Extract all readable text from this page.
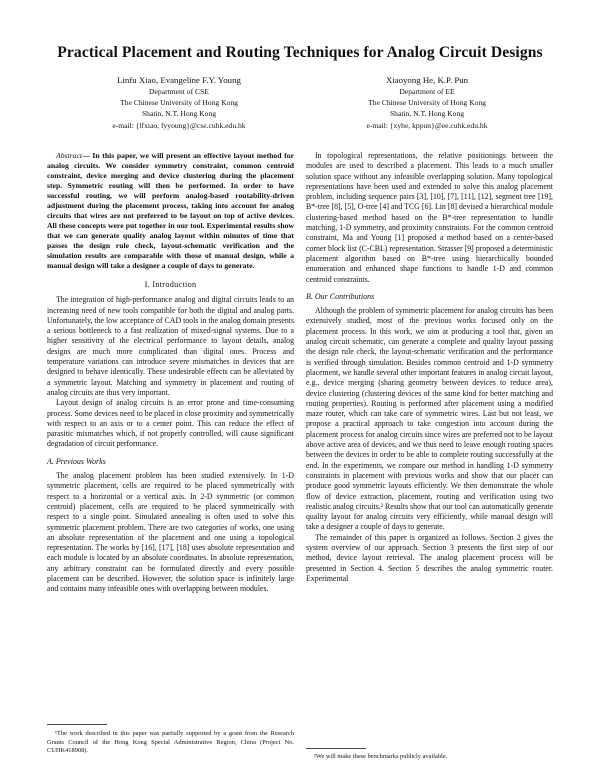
Practical Placement and Routing Techniques for Analog Circuit Designs
Linfu Xiao, Evangeline F.Y. Young
Department of CSE
The Chinese University of Hong Kong
Shatin, N.T. Hong Kong
e-mail: {lfxiao, fyyoung}@cse.cuhk.edu.hk
Xiaoyong He, K.P. Pun
Department of EE
The Chinese University of Hong Kong
Shatin, N.T. Hong Kong
e-mail: {xyhe, kppun}@ee.cuhk.edu.hk

Abstract— In this paper, we will present an effective layout method for analog circuits. We consider symmetry constraint, common centroid constraint, device merging and device clustering during the placement step. Symmetric routing will then be performed. In order to have successful routing, we will perform analog-based routability-driven adjustment during the placement process, taking into account for analog circuits that wires are not preferred to be layout on top of active devices. All these concepts were put together in our tool. Experimental results show that we can generate quality analog layout within minutes of time that passes the design rule check, layout-schematic verification and the simulation results are comparable with those of manual design, while a manual design will take a designer a couple of days to generate.

I. Introduction

The integration of high-performance analog and digital circuits leads to an increasing need of new tools compatible for both the digital and analog parts. Unfortunately, the low acceptance of CAD tools in the analog domain presents a serious bottleneck to a fast realization of mixed-signal systems. Due to a higher sensitivity of the electrical performance to layout details, analog designs are much more complicated than digital ones. Process and temperature variations can introduce severe mismatches in devices that are designed to behave identically. These undesirable effects can be alleviated by a symmetric layout. Matching and symmetry in placement and routing of analog circuits are thus very important.

Layout design of analog circuits is an error prone and time-consuming process. Some devices need to be placed in close proximity and symmetrically with respect to an axis or to a center point. This can reduce the effect of parasitic mismatches which, if not properly controlled, will cause significant degradation of circuit performance.

A. Previous Works

The analog placement problem has been studied extensively. In 1-D symmetric placement, cells are required to be placed symmetrically with respect to a horizontal or a vertical axis. In 2-D symmetric (or common centroid) placement, cells are required to be placed symmetrically with respect to a single point. Simulated annealing is often used to solve this symmetric placement problem. There are two categories of works, one using an absolute representation of the placement and one using a topological representation. The works by [16], [17], [18] uses absolute representation and each module is located by an absolute coordinates. In absolute representation, any arbitrary constraint can be formulated directly and every possible placement can be described. However, the solution space is infinitely large and contains many infeasible ones with overlapping between modules.

In topological representations, the relative positionings between the modules are used to described a placement. This leads to a much smaller solution space without any infeasible overlapping solution. Many topological representations have been used and extended to solve this analog placement problem, including sequence pairs [3], [10], [7], [11], [12], segment tree [19], B*-tree [8], [5], O-tree [4] and TCG [6]. Lin [8] devised a hierarchical module clustering-based method based on the B*-tree representation to handle matching, 1-D symmetry, and proximity constraints. For the common centroid constraint, Ma and Young [1] proposed a method based on a center-based corner block list (C-CBL) representation. Strasser [9] proposed a deterministic placement algorithm based on B*-tree using hierarchically bounded enumeration and enhanced shape functions to handle 1-D and common centroid constraints.

B. Our Contributions

Although the problem of symmetric placement for analog circuits has been extensively studied, most of the previous works focused only on the placement process. In this work, we aim at producing a tool that, given an analog circuit schematic, can generate a complete and quality layout passing the design rule check, the layout-schematic verification and the performance is verified through simulation. Besides common centroid and 1-D symmetry placement, we handle several other important features in analog circuit layout, e.g., device merging (sharing geometry between devices to reduce area), device clustering (clustering devices of the same kind for better matching and routing properties). Routing is performed after placement using a modified maze router, which can take care of symmetric wires. Last but not least, we propose a practical approach to take congestion into account during the placement process for analog circuits since wires are preferred not to be layout above active area of devices, and we thus need to leave enough routing spaces between the devices in order to be able to complete routing successfully at the end. In the experiments, we compare our method in handling 1-D symmetry constraints in placement with previous works and show that our placer can produce good symmetric layouts efficiently. We then demonstrate the whole flow of device extraction, placement, routing and verification using two realistic analog circuits.² Results show that our tool can automatically generate quality layout for analog circuits very efficiently, while manual design will take a designer a couple of days to generate.

The remainder of this paper is organized as follows. Section 2 gives the system overview of our approach. Section 3 presents the first step of our method, device layout retrieval. The analog placement process will be presented in Section 4. Section 5 describes the analog symmetric router. Experimental

¹The work described in this paper was partially supported by a grant from the Research Grants Council of the Hong Kong Special Administrative Region, China (Project No. CUHK418908).
²We will make these benchmarks publicly available.
